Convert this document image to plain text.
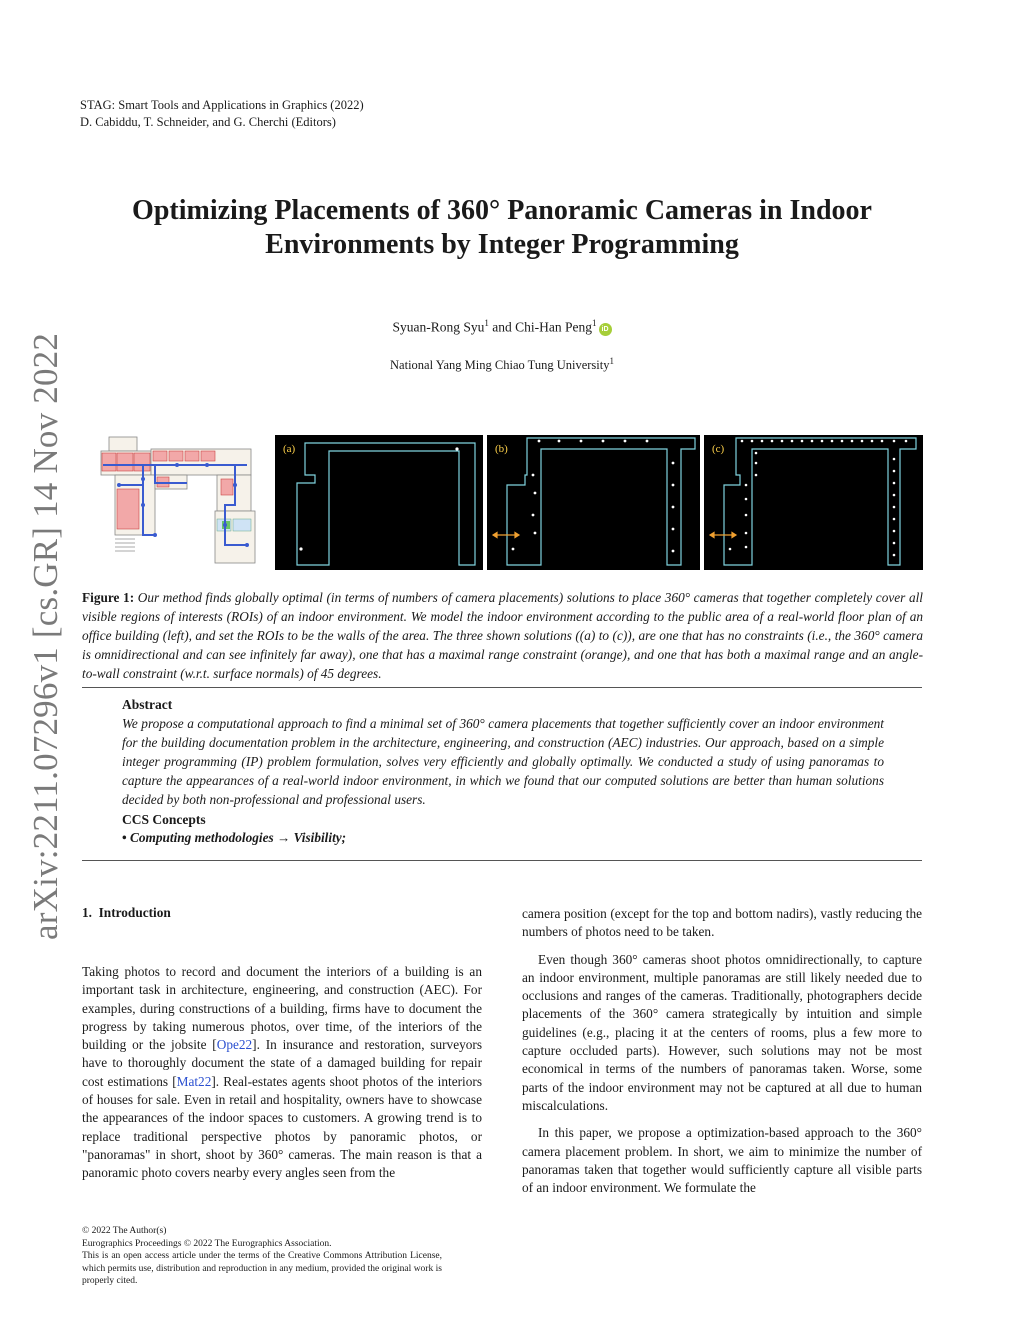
STAG: Smart Tools and Applications in Graphics (2022)
D. Cabiddu, T. Schneider, and G. Cherchi (Editors)
Optimizing Placements of 360° Panoramic Cameras in Indoor
Environments by Integer Programming
Syuan-Rong Syu$^1$ and Chi-Han Peng$^1$iD
National Yang Ming Chiao Tung University$^1$
arXiv:2211.07296v1 [cs.GR] 14 Nov 2022	(a)	(b)	(c)
Figure 1: Our method finds globally optimal (in terms of numbers of camera placements) solutions to place 360° cameras that together completely cover all visible regions of interests (ROIs) of an indoor environment. We model the indoor environment according to the public area of a real-world floor plan of an office building (left), and set the ROIs to be the walls of the area. The three shown solutions ((a) to (c)), are one that has no constraints (i.e., the 360° camera is omnidirectional and can see infinitely far away), one that has a maximal range constraint (orange), and one that has both a maximal range and an angle-to-wall constraint (w.r.t. surface normals) of 45 degrees.
Abstract
We propose a computational approach to find a minimal set of 360° camera placements that together sufficiently cover an indoor environment for the building documentation problem in the architecture, engineering, and construction (AEC) industries. Our approach, based on a simple integer programming (IP) problem formulation, solves very efficiently and globally optimally. We conducted a study of using panoramas to capture the appearances of a real-world indoor environment, in which we found that our computed solutions are better than human solutions decided by both non-professional and professional users.
CCS Concepts
• Computing methodologies → Visibility;
1.  Introduction

Taking photos to record and document the interiors of a building is an important task in architecture, engineering, and construction (AEC). For examples, during constructions of a building, firms have to document the progress by taking numerous photos, over time, of the interiors of the building or the jobsite [Ope22]. In insurance and restoration, surveyors have to thoroughly document the state of a damaged building for repair cost estimations [Mat22]. Real-estates agents shoot photos of the interiors of houses for sale. Even in retail and hospitality, owners have to showcase the appearances of the indoor spaces to customers. A growing trend is to replace traditional perspective photos by panoramic photos, or "panoramas" in short, shoot by 360° cameras. The main reason is that a panoramic photo covers nearby every angles seen from the

camera position (except for the top and bottom nadirs), vastly reducing the numbers of photos need to be taken.

Even though 360° cameras shoot photos omnidirectionally, to capture an indoor environment, multiple panoramas are still likely needed due to occlusions and ranges of the cameras. Traditionally, photographers decide placements of the 360° camera strategically by intuition and simple guidelines (e.g., placing it at the centers of rooms, plus a few more to capture occluded parts). However, such solutions may not be most economical in terms of the numbers of panoramas taken. Worse, some parts of the indoor environment may not be captured at all due to human miscalculations.

In this paper, we propose a optimization-based approach to the 360° camera placement problem. In short, we aim to minimize the number of panoramas taken that together would sufficiently capture all visible parts of an indoor environment. We formulate the

© 2022 The Author(s)
Eurographics Proceedings © 2022 The Eurographics Association.
This is an open access article under the terms of the Creative Commons Attribution License, which permits use, distribution and reproduction in any medium, provided the original work is properly cited.
